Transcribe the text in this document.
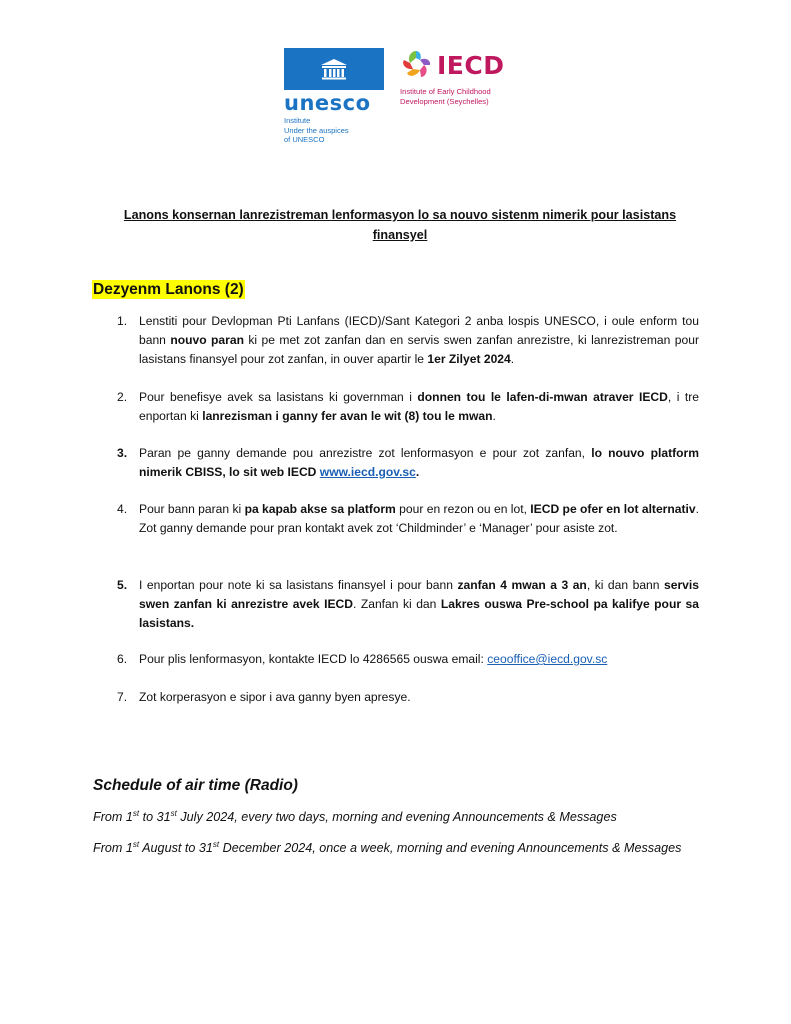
unesco
Institute
Under the auspices
of UNESCO
IECD
Institute of Early Childhood
Development (Seychelles)
Lanons konsernan lanrezistreman lenformasyon lo sa nouvo sistenm nimerik pour lasistans finansyel
Dezyenm Lanons (2)
1. Lenstiti pour Devlopman Pti Lanfans (IECD)/Sant Kategori 2 anba lospis UNESCO, i oule enform tou bann nouvo paran ki pe met zot zanfan dan en servis swen zanfan anrezistre, ki lanrezistreman pour lasistans finansyel pour zot zanfan, in ouver apartir le 1er Zilyet 2024.
2. Pour benefisye avek sa lasistans ki governman i donnen tou le lafen-di-mwan atraver IECD, i tre enportan ki lanrezisman i ganny fer avan le wit (8) tou le mwan.
3. Paran pe ganny demande pou anrezistre zot lenformasyon e pour zot zanfan, lo nouvo platform nimerik CBISS, lo sit web IECD www.iecd.gov.sc.
4. Pour bann paran ki pa kapab akse sa platform pour en rezon ou en lot, IECD pe ofer en lot alternativ. Zot ganny demande pour pran kontakt avek zot ‘Childminder’ e ‘Manager’ pour asiste zot.
5. I enportan pour note ki sa lasistans finansyel i pour bann zanfan 4 mwan a 3 an, ki dan bann servis swen zanfan ki anrezistre avek IECD. Zanfan ki dan Lakres ouswa Pre-school pa kalifye pour sa lasistans.
6. Pour plis lenformasyon, kontakte IECD lo 4286565 ouswa email: ceooffice@iecd.gov.sc
7. Zot korperasyon e sipor i ava ganny byen apresye.
Schedule of air time (Radio)
From 1st to 31st July 2024, every two days, morning and evening Announcements & Messages
From 1st August to 31st December 2024, once a week, morning and evening Announcements & Messages
